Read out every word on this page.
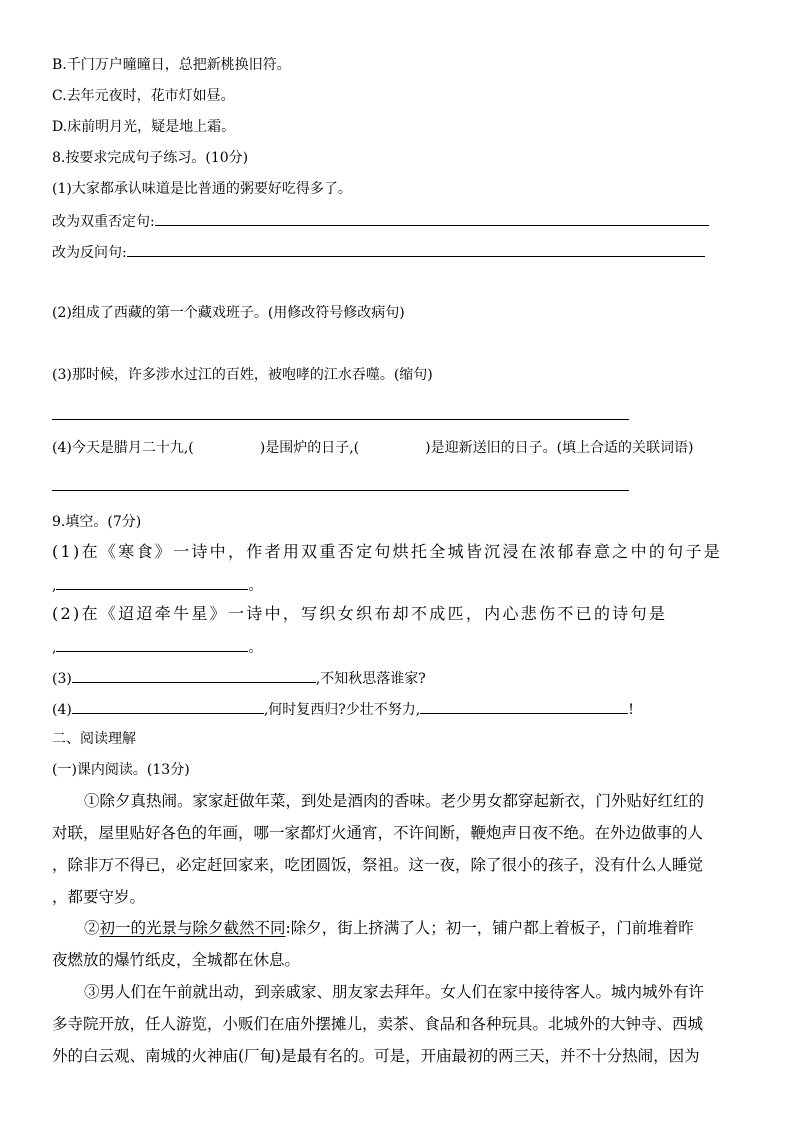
B.千门万户曈曈日，总把新桃换旧符。
C.去年元夜时，花市灯如昼。
D.床前明月光，疑是地上霜。
8.按要求完成句子练习。(10分)
(1)大家都承认味道是比普通的粥要好吃得多了。
改为双重否定句:
改为反问句:
(2)组成了西藏的第一个藏戏班子。(用修改符号修改病句)
(3)那时候，许多涉水过江的百姓，被咆哮的江水吞噬。(缩句)
(4)今天是腊月二十九,(	)是围炉的日子,(	)是迎新送旧的日子。(填上合适的关联词语)
9.填空。(7分)
(1)在《寒食》一诗中，作者用双重否定句烘托全城皆沉浸在浓郁春意之中的句子是
,	。
(2)在《迢迢牵牛星》一诗中，写织女织布却不成匹，内心悲伤不已的诗句是
,	。
(3)	,不知秋思落谁家?
(4)	,何时复西归?少壮不努力,	!
二、阅读理解
(一)课内阅读。(13分)
①除夕真热闹。家家赶做年菜，到处是酒肉的香味。老少男女都穿起新衣，门外贴好红红的
对联，屋里贴好各色的年画，哪一家都灯火通宵，不许间断，鞭炮声日夜不绝。在外边做事的人
，除非万不得已，必定赶回家来，吃团圆饭，祭祖。这一夜，除了很小的孩子，没有什么人睡觉
，都要守岁。
②初一的光景与除夕截然不同:除夕，街上挤满了人；初一，铺户都上着板子，门前堆着昨
夜燃放的爆竹纸皮，全城都在休息。
③男人们在午前就出动，到亲戚家、朋友家去拜年。女人们在家中接待客人。城内城外有许
多寺院开放，任人游览，小贩们在庙外摆摊儿，卖茶、食品和各种玩具。北城外的大钟寺、西城
外的白云观、南城的火神庙(厂甸)是最有名的。可是，开庙最初的两三天，并不十分热闹，因为
